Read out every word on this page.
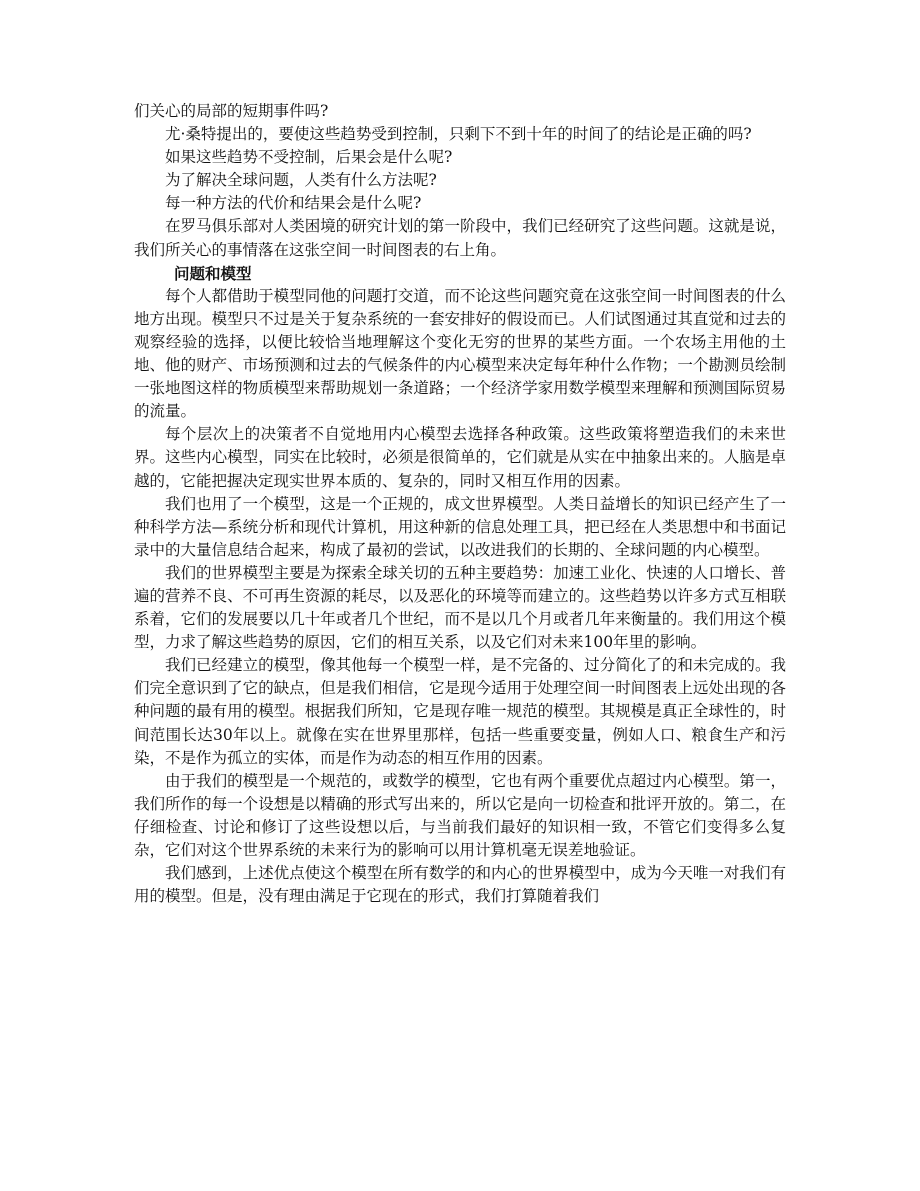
们关心的局部的短期事件吗?

尤·桑特提出的，要使这些趋势受到控制，只剩下不到十年的时间了的结论是正确的吗?

如果这些趋势不受控制，后果会是什么呢?

为了解决全球问题，人类有什么方法呢?

每一种方法的代价和结果会是什么呢?

在罗马俱乐部对人类困境的研究计划的第一阶段中，我们已经研究了这些问题。这就是说，我们所关心的事情落在这张空间一时间图表的右上角。

问题和模型

每个人都借助于模型同他的问题打交道，而不论这些问题究竟在这张空间一时间图表的什么地方出现。模型只不过是关于复杂系统的一套安排好的假设而已。人们试图通过其直觉和过去的观察经验的选择，以便比较恰当地理解这个变化无穷的世界的某些方面。一个农场主用他的土地、他的财产、市场预测和过去的气候条件的内心模型来决定每年种什么作物；一个勘测员绘制一张地图这样的物质模型来帮助规划一条道路；一个经济学家用数学模型来理解和预测国际贸易的流量。

每个层次上的决策者不自觉地用内心模型去选择各种政策。这些政策将塑造我们的未来世界。这些内心模型，同实在比较时，必须是很简单的，它们就是从实在中抽象出来的。人脑是卓越的，它能把握决定现实世界本质的、复杂的，同时又相互作用的因素。

我们也用了一个模型，这是一个正规的，成文世界模型。人类日益增长的知识已经产生了一种科学方法—系统分析和现代计算机，用这种新的信息处理工具，把已经在人类思想中和书面记录中的大量信息结合起来，构成了最初的尝试，以改进我们的长期的、全球问题的内心模型。

我们的世界模型主要是为探索全球关切的五种主要趋势：加速工业化、快速的人口增长、普遍的营养不良、不可再生资源的耗尽，以及恶化的环境等而建立的。这些趋势以许多方式互相联系着，它们的发展要以几十年或者几个世纪，而不是以几个月或者几年来衡量的。我们用这个模型，力求了解这些趋势的原因，它们的相互关系，以及它们对未来100年里的影响。

我们已经建立的模型，像其他每一个模型一样，是不完备的、过分简化了的和未完成的。我们完全意识到了它的缺点，但是我们相信，它是现今适用于处理空间一时间图表上远处出现的各种问题的最有用的模型。根据我们所知，它是现存唯一规范的模型。其规模是真正全球性的，时间范围长达30年以上。就像在实在世界里那样，包括一些重要变量，例如人口、粮食生产和污染，不是作为孤立的实体，而是作为动态的相互作用的因素。

由于我们的模型是一个规范的，或数学的模型，它也有两个重要优点超过内心模型。第一，我们所作的每一个设想是以精确的形式写出来的，所以它是向一切检查和批评开放的。第二，在仔细检查、讨论和修订了这些设想以后，与当前我们最好的知识相一致，不管它们变得多么复杂，它们对这个世界系统的未来行为的影响可以用计算机毫无误差地验证。

我们感到，上述优点使这个模型在所有数学的和内心的世界模型中，成为今天唯一对我们有用的模型。但是，没有理由满足于它现在的形式，我们打算随着我们
